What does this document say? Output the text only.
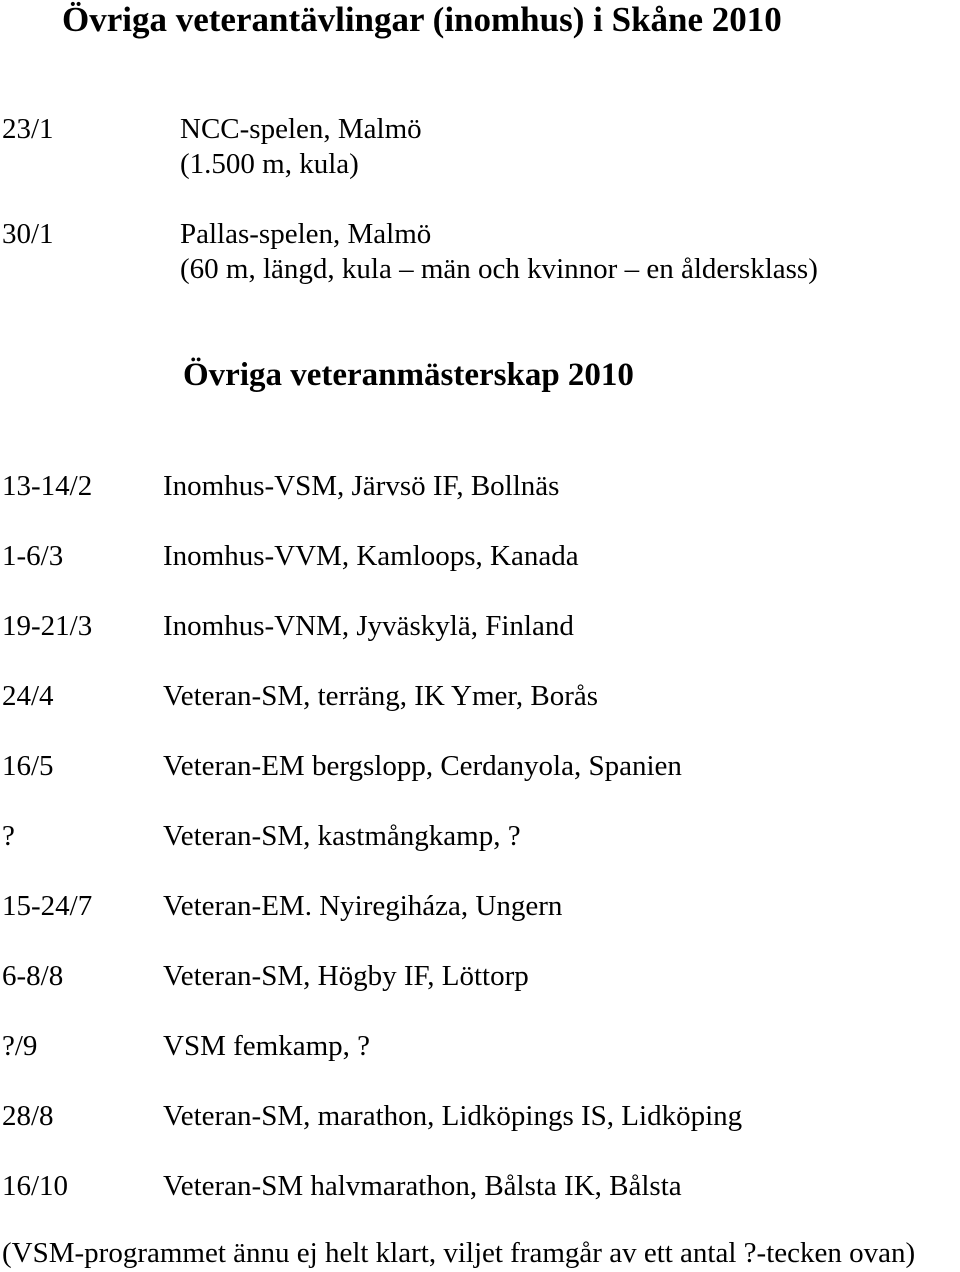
Övriga veterantävlingar (inomhus) i Skåne 2010
23/1	NCC-spelen, Malmö
(1.500 m, kula)
30/1	Pallas-spelen, Malmö
(60 m, längd, kula – män och kvinnor – en åldersklass)
Övriga veteranmästerskap 2010
13-14/2 Inomhus-VSM, Järvsö IF, Bollnäs
1-6/3	Inomhus-VVM, Kamloops, Kanada
19-21/3 Inomhus-VNM, Jyväskylä, Finland
24/4	Veteran-SM, terräng, IK Ymer, Borås
16/5	Veteran-EM bergslopp, Cerdanyola, Spanien
?	Veteran-SM, kastmångkamp, ?
15-24/7 Veteran-EM. Nyiregiháza, Ungern
6-8/8	Veteran-SM, Högby IF, Löttorp
?/9	VSM femkamp, ?
28/8	Veteran-SM, marathon, Lidköpings IS, Lidköping
16/10	Veteran-SM halvmarathon, Bålsta IK, Bålsta
(VSM-programmet ännu ej helt klart, viljet framgår av ett antal ?-tecken ovan)
